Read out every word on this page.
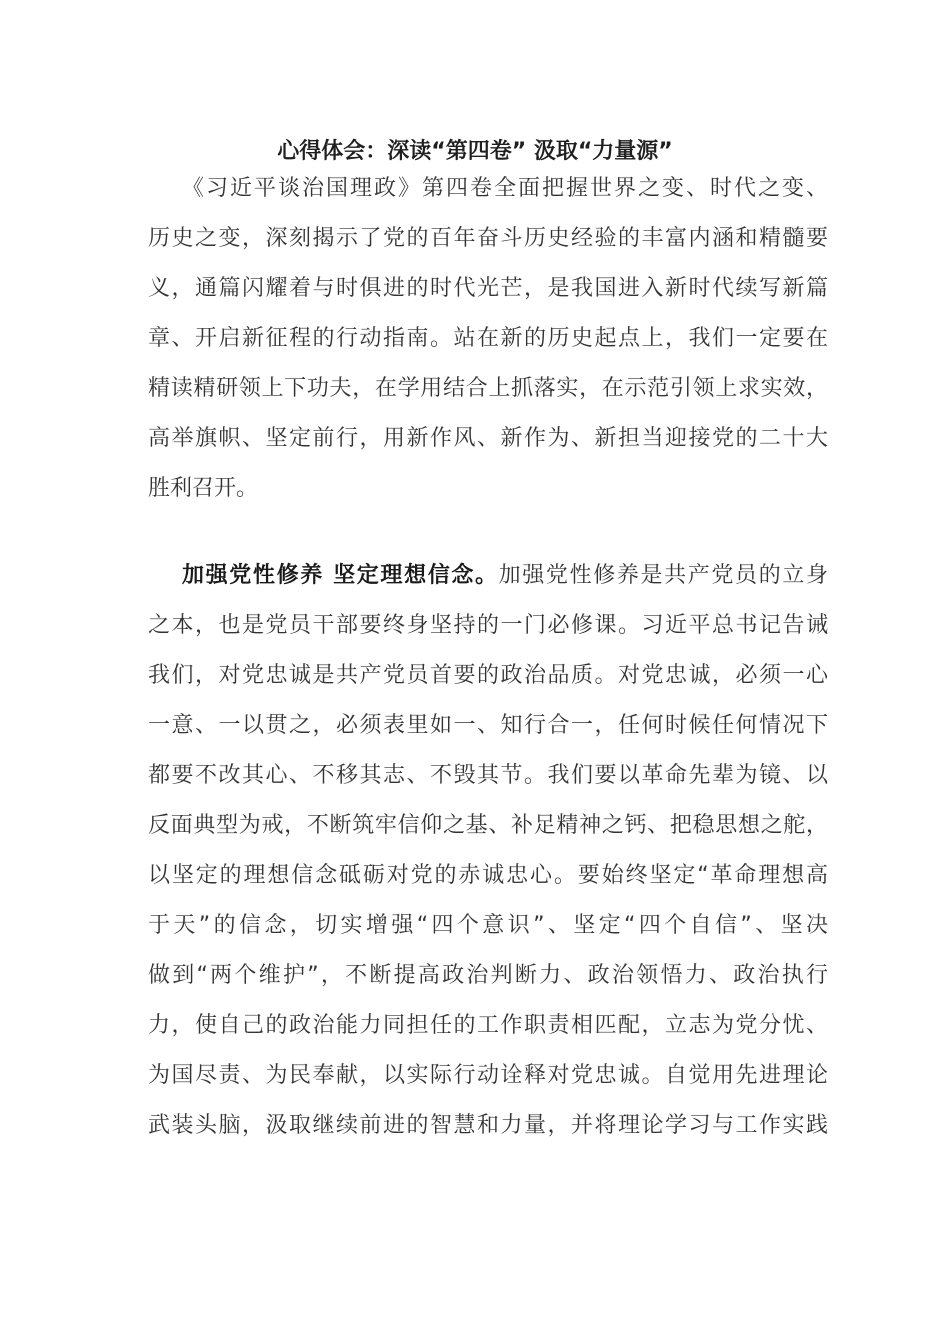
心得体会：深读“第四卷” 汲取“力量源”
《习近平谈治国理政》第四卷全面把握世界之变、时代之变、
历史之变，深刻揭示了党的百年奋斗历史经验的丰富内涵和精髓要
义，通篇闪耀着与时俱进的时代光芒，是我国进入新时代续写新篇
章、开启新征程的行动指南。站在新的历史起点上，我们一定要在
精读精研领上下功夫，在学用结合上抓落实，在示范引领上求实效，
高举旗帜、坚定前行，用新作风、新作为、新担当迎接党的二十大
胜利召开。
加强党性修养 坚定理想信念。加强党性修养是共产党员的立身
之本，也是党员干部要终身坚持的一门必修课。习近平总书记告诫
我们，对党忠诚是共产党员首要的政治品质。对党忠诚，必须一心
一意、一以贯之，必须表里如一、知行合一，任何时候任何情况下
都要不改其心、不移其志、不毁其节。我们要以革命先辈为镜、以
反面典型为戒，不断筑牢信仰之基、补足精神之钙、把稳思想之舵，
以坚定的理想信念砥砺对党的赤诚忠心。要始终坚定“革命理想高
于天”的信念，切实增强“四个意识”、坚定“四个自信”、坚决
做到“两个维护”，不断提高政治判断力、政治领悟力、政治执行
力，使自己的政治能力同担任的工作职责相匹配，立志为党分忧、
为国尽责、为民奉献，以实际行动诠释对党忠诚。自觉用先进理论
武装头脑，汲取继续前进的智慧和力量，并将理论学习与工作实践
